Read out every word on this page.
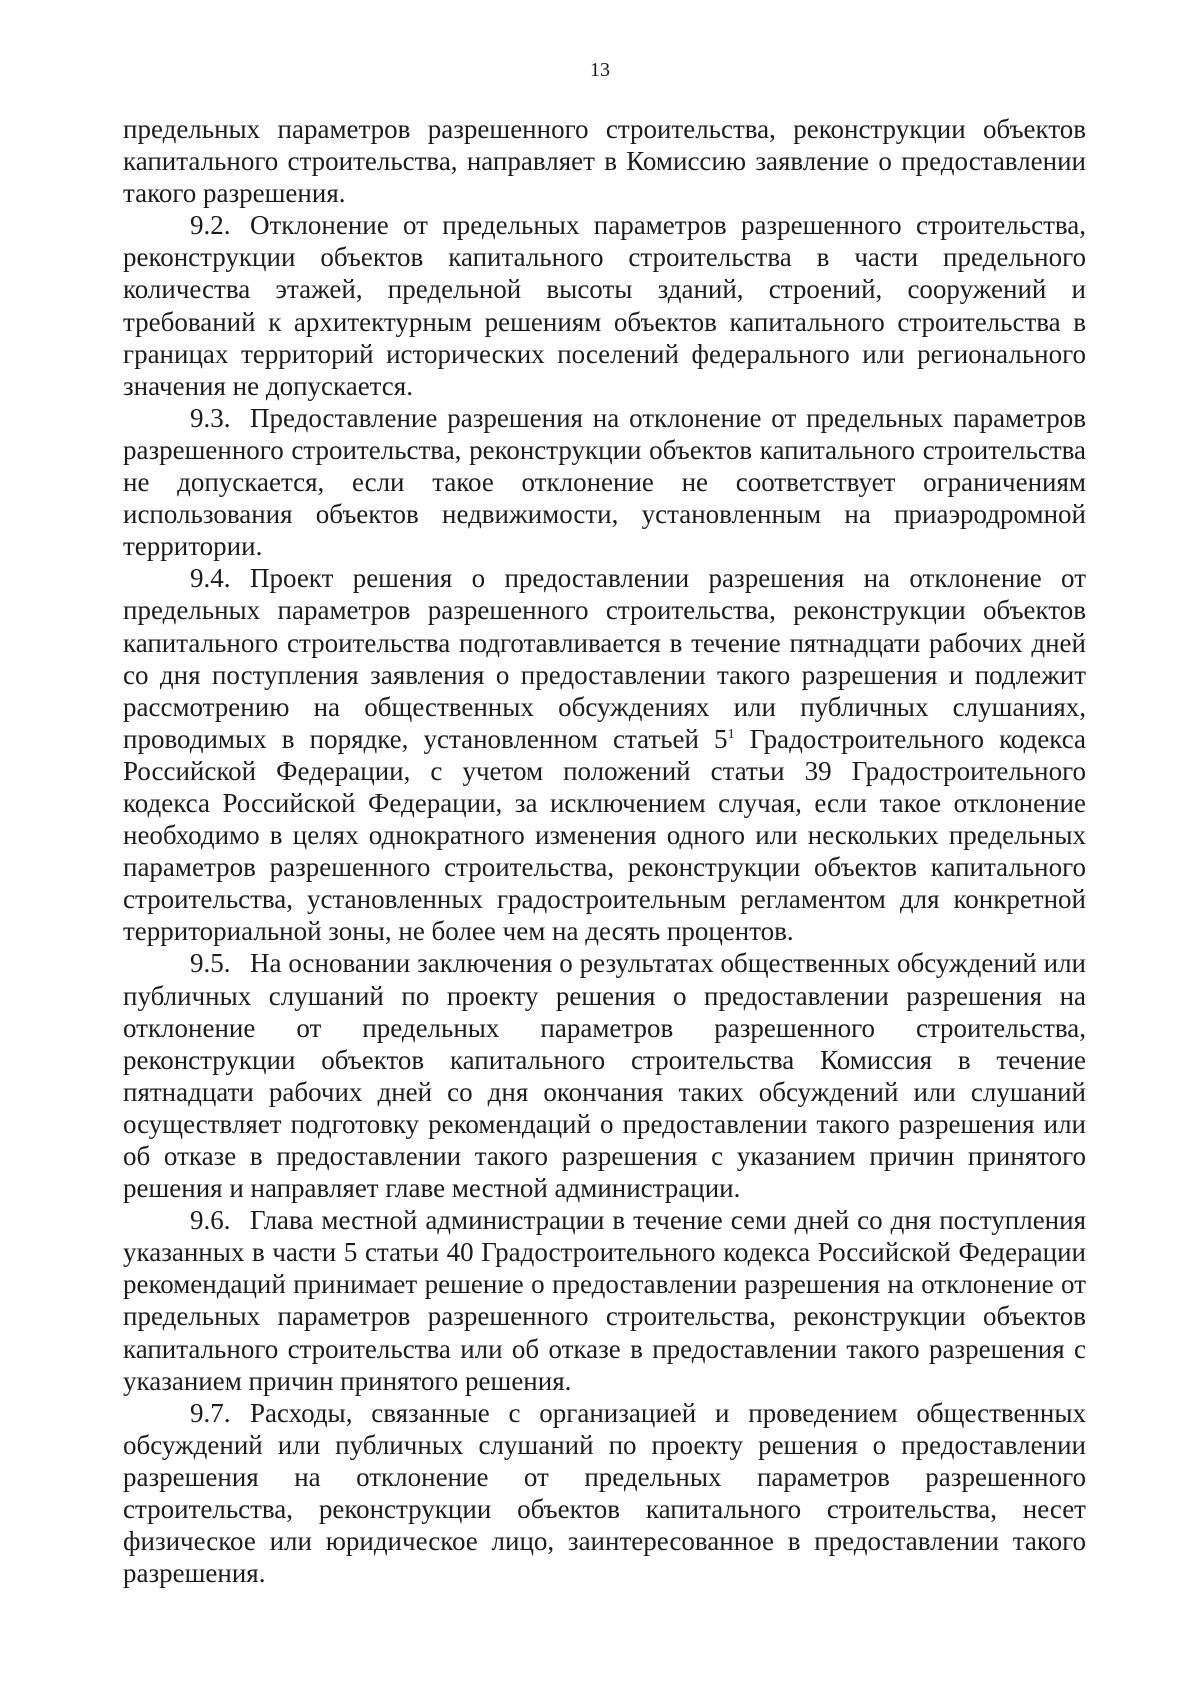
13

предельных параметров разрешенного строительства, реконструкции объектов капитального строительства, направляет в Комиссию заявление о предоставлении такого разрешения.

9.2. Отклонение от предельных параметров разрешенного строительства, реконструкции объектов капитального строительства в части предельного количества этажей, предельной высоты зданий, строений, сооружений и требований к архитектурным решениям объектов капитального строительства в границах территорий исторических поселений федерального или регионального значения не допускается.

9.3. Предоставление разрешения на отклонение от предельных параметров разрешенного строительства, реконструкции объектов капитального строительства не допускается, если такое отклонение не соответствует ограничениям использования объектов недвижимости, установленным на приаэродромной территории.

9.4. Проект решения о предоставлении разрешения на отклонение от предельных параметров разрешенного строительства, реконструкции объектов капитального строительства подготавливается в течение пятнадцати рабочих дней со дня поступления заявления о предоставлении такого разрешения и подлежит рассмотрению на общественных обсуждениях или публичных слушаниях, проводимых в порядке, установленном статьей $5^1$ Градостроительного кодекса Российской Федерации, с учетом положений статьи 39 Градостроительного кодекса Российской Федерации, за исключением случая, если такое отклонение необходимо в целях однократного изменения одного или нескольких предельных параметров разрешенного строительства, реконструкции объектов капитального строительства, установленных градостроительным регламентом для конкретной территориальной зоны, не более чем на десять процентов.

9.5. На основании заключения о результатах общественных обсуждений или публичных слушаний по проекту решения о предоставлении разрешения на отклонение от предельных параметров разрешенного строительства, реконструкции объектов капитального строительства Комиссия в течение пятнадцати рабочих дней со дня окончания таких обсуждений или слушаний осуществляет подготовку рекомендаций о предоставлении такого разрешения или об отказе в предоставлении такого разрешения с указанием причин принятого решения и направляет главе местной администрации.

9.6. Глава местной администрации в течение семи дней со дня поступления указанных в части 5 статьи 40 Градостроительного кодекса Российской Федерации рекомендаций принимает решение о предоставлении разрешения на отклонение от предельных параметров разрешенного строительства, реконструкции объектов капитального строительства или об отказе в предоставлении такого разрешения с указанием причин принятого решения.

9.7. Расходы, связанные с организацией и проведением общественных обсуждений или публичных слушаний по проекту решения о предоставлении разрешения на отклонение от предельных параметров разрешенного строительства, реконструкции объектов капитального строительства, несет физическое или юридическое лицо, заинтересованное в предоставлении такого разрешения.
